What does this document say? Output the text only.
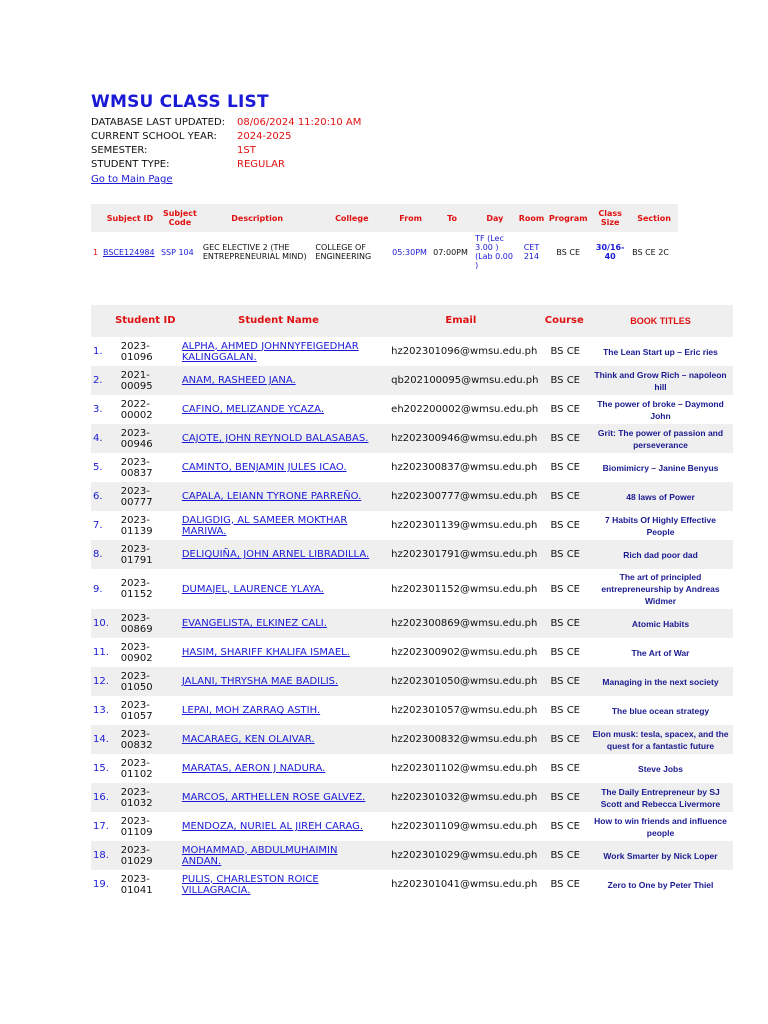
WMSU CLASS LIST
DATABASE LAST UPDATED:	08/06/2024 11:20:10 AM
CURRENT SCHOOL YEAR:	2024-2025
SEMESTER:	1ST
STUDENT TYPE:	REGULAR
Go to Main Page
	Subject ID	Subject Code	Description	College	From	To	Day	Room	Program	Class Size	Section
1	BSCE124984	SSP 104	GEC ELECTIVE 2 (THE ENTREPRENEURIAL MIND)	COLLEGE OF ENGINEERING	05:30PM	07:00PM	TF (Lec 3.00 ) (Lab 0.00 )	CET 214	BS CE	30/16-40	BS CE 2C
	Student ID	Student Name	Email	Course	BOOK TITLES
1.	2023-01096	ALPHA, AHMED JOHNNYFEIGEDHAR KALINGGALAN.	hz202301096@wmsu.edu.ph	BS CE	The Lean Start up – Eric ries
2.	2021-00095	ANAM, RASHEED JANA.	qb202100095@wmsu.edu.ph	BS CE	Think and Grow Rich – napoleon hill
3.	2022-00002	CAFINO, MELIZANDE YCAZA.	eh202200002@wmsu.edu.ph	BS CE	The power of broke – Daymond John
4.	2023-00946	CAJOTE, JOHN REYNOLD BALASABAS.	hz202300946@wmsu.edu.ph	BS CE	Grit: The power of passion and perseverance
5.	2023-00837	CAMINTO, BENJAMIN JULES ICAO.	hz202300837@wmsu.edu.ph	BS CE	Biomimicry – Janine Benyus
6.	2023-00777	CAPALA, LEIANN TYRONE PARREÑO.	hz202300777@wmsu.edu.ph	BS CE	48 laws of Power
7.	2023-01139	DALIGDIG, AL SAMEER MOKTHAR MARIWA.	hz202301139@wmsu.edu.ph	BS CE	7 Habits Of Highly Effective People
8.	2023-01791	DELIQUIÑA, JOHN ARNEL LIBRADILLA.	hz202301791@wmsu.edu.ph	BS CE	Rich dad poor dad
9.	2023-01152	DUMAJEL, LAURENCE YLAYA.	hz202301152@wmsu.edu.ph	BS CE	The art of principled entrepreneurship by Andreas Widmer
10.	2023-00869	EVANGELISTA, ELKINEZ CALI.	hz202300869@wmsu.edu.ph	BS CE	Atomic Habits
11.	2023-00902	HASIM, SHARIFF KHALIFA ISMAEL.	hz202300902@wmsu.edu.ph	BS CE	The Art of War
12.	2023-01050	JALANI, THRYSHA MAE BADILIS.	hz202301050@wmsu.edu.ph	BS CE	Managing in the next society
13.	2023-01057	LEPAI, MOH ZARRAQ ASTIH.	hz202301057@wmsu.edu.ph	BS CE	The blue ocean strategy
14.	2023-00832	MACARAEG, KEN OLAIVAR.	hz202300832@wmsu.edu.ph	BS CE	Elon musk: tesla, spacex, and the quest for a fantastic future
15.	2023-01102	MARATAS, AERON J NADURA.	hz202301102@wmsu.edu.ph	BS CE	Steve Jobs
16.	2023-01032	MARCOS, ARTHELLEN ROSE GALVEZ.	hz202301032@wmsu.edu.ph	BS CE	The Daily Entrepreneur by SJ Scott and Rebecca Livermore
17.	2023-01109	MENDOZA, NURIEL AL JIREH CARAG.	hz202301109@wmsu.edu.ph	BS CE	How to win friends and influence people
18.	2023-01029	MOHAMMAD, ABDULMUHAIMIN ANDAN.	hz202301029@wmsu.edu.ph	BS CE	Work Smarter by Nick Loper
19.	2023-01041	PULIS, CHARLESTON ROICE VILLAGRACIA.	hz202301041@wmsu.edu.ph	BS CE	Zero to One by Peter Thiel
